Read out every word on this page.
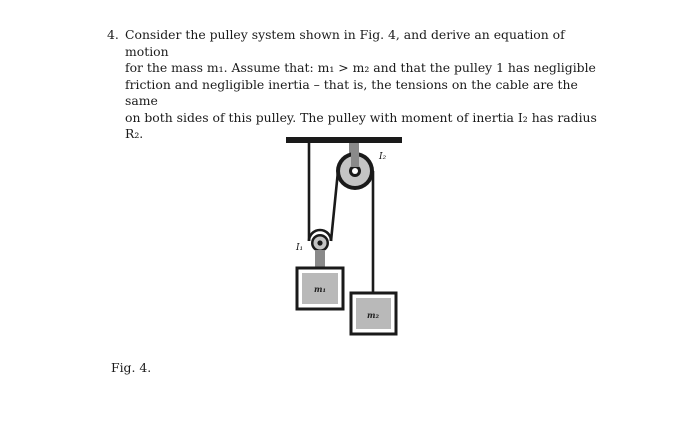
4. Consider the pulley system shown in Fig. 4, and derive an equation of motion

for the mass m₁. Assume that: m₁ > m₂ and that the pulley 1 has negligible

friction and negligible inertia – that is, the tensions on the cable are the same

on both sides of this pulley. The pulley with moment of inertia I₂ has radius

R₂.

m₁
m₂
I₂
I₁
Fig. 4.
